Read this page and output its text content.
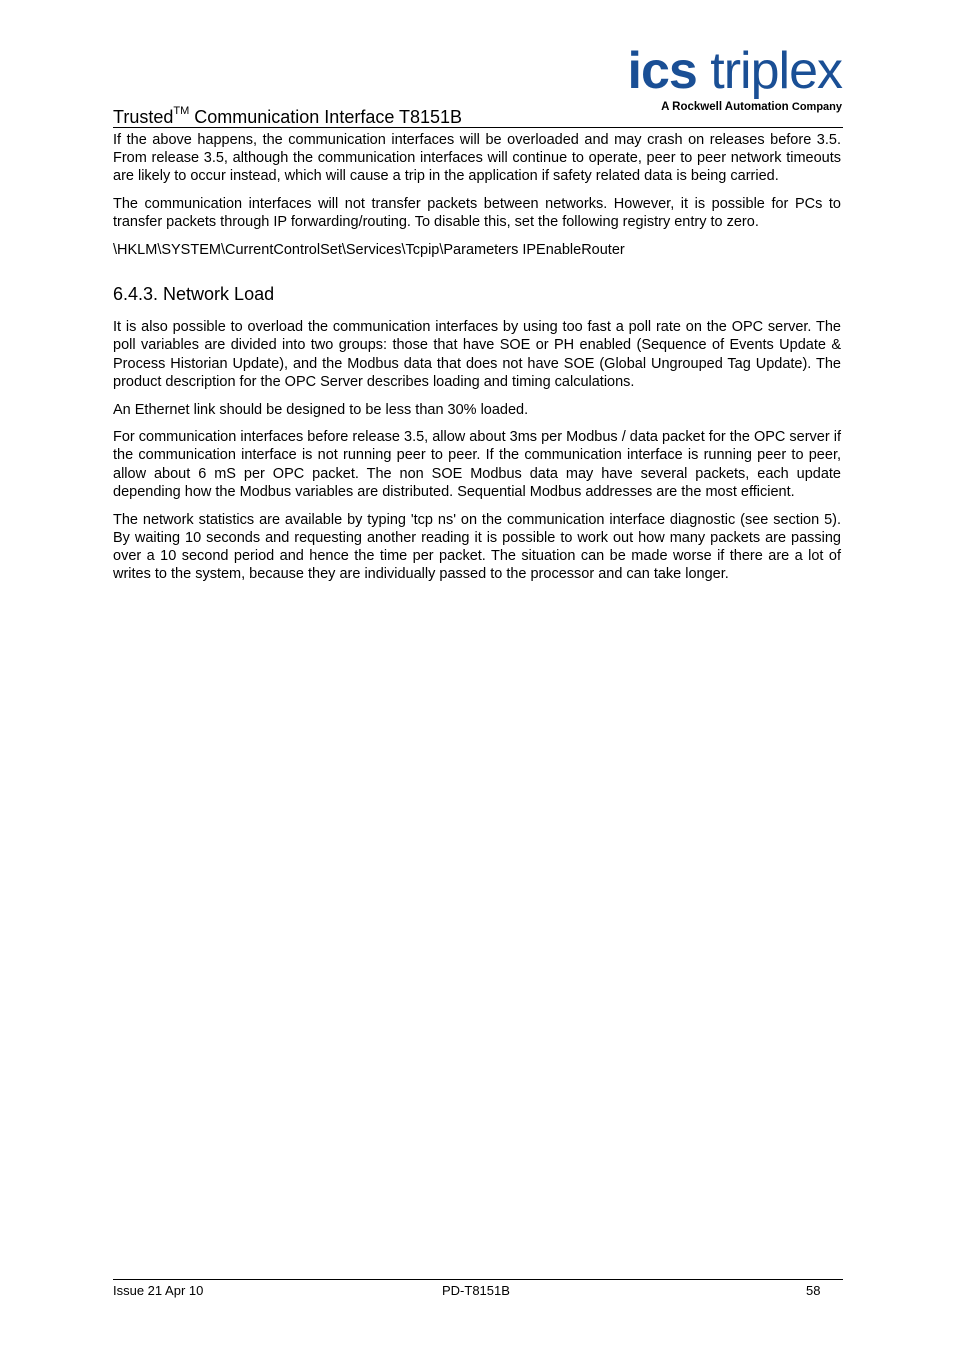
Trusted™ Communication Interface T8151B
ics triplex
A Rockwell Automation Company

If the above happens, the communication interfaces will be overloaded and may crash on releases before 3.5. From release 3.5, although the communication interfaces will continue to operate, peer to peer network timeouts are likely to occur instead, which will cause a trip in the application if safety related data is being carried.

The communication interfaces will not transfer packets between networks. However, it is possible for PCs to transfer packets through IP forwarding/routing. To disable this, set the following registry entry to zero.

\HKLM\SYSTEM\CurrentControlSet\Services\Tcpip\Parameters IPEnableRouter

6.4.3. Network Load

It is also possible to overload the communication interfaces by using too fast a poll rate on the OPC server. The poll variables are divided into two groups: those that have SOE or PH enabled (Sequence of Events Update & Process Historian Update), and the Modbus data that does not have SOE (Global Ungrouped Tag Update). The product description for the OPC Server describes loading and timing calculations.

An Ethernet link should be designed to be less than 30% loaded.

For communication interfaces before release 3.5, allow about 3ms per Modbus / data packet for the OPC server if the communication interface is not running peer to peer. If the communication interface is running peer to peer, allow about 6 mS per OPC packet. The non SOE Modbus data may have several packets, each update depending how the Modbus variables are distributed. Sequential Modbus addresses are the most efficient.

The network statistics are available by typing 'tcp ns' on the communication interface diagnostic (see section 5). By waiting 10 seconds and requesting another reading it is possible to work out how many packets are passing over a 10 second period and hence the time per packet. The situation can be made worse if there are a lot of writes to the system, because they are individually passed to the processor and can take longer.

Issue 21 Apr 10	PD-T8151B	58
